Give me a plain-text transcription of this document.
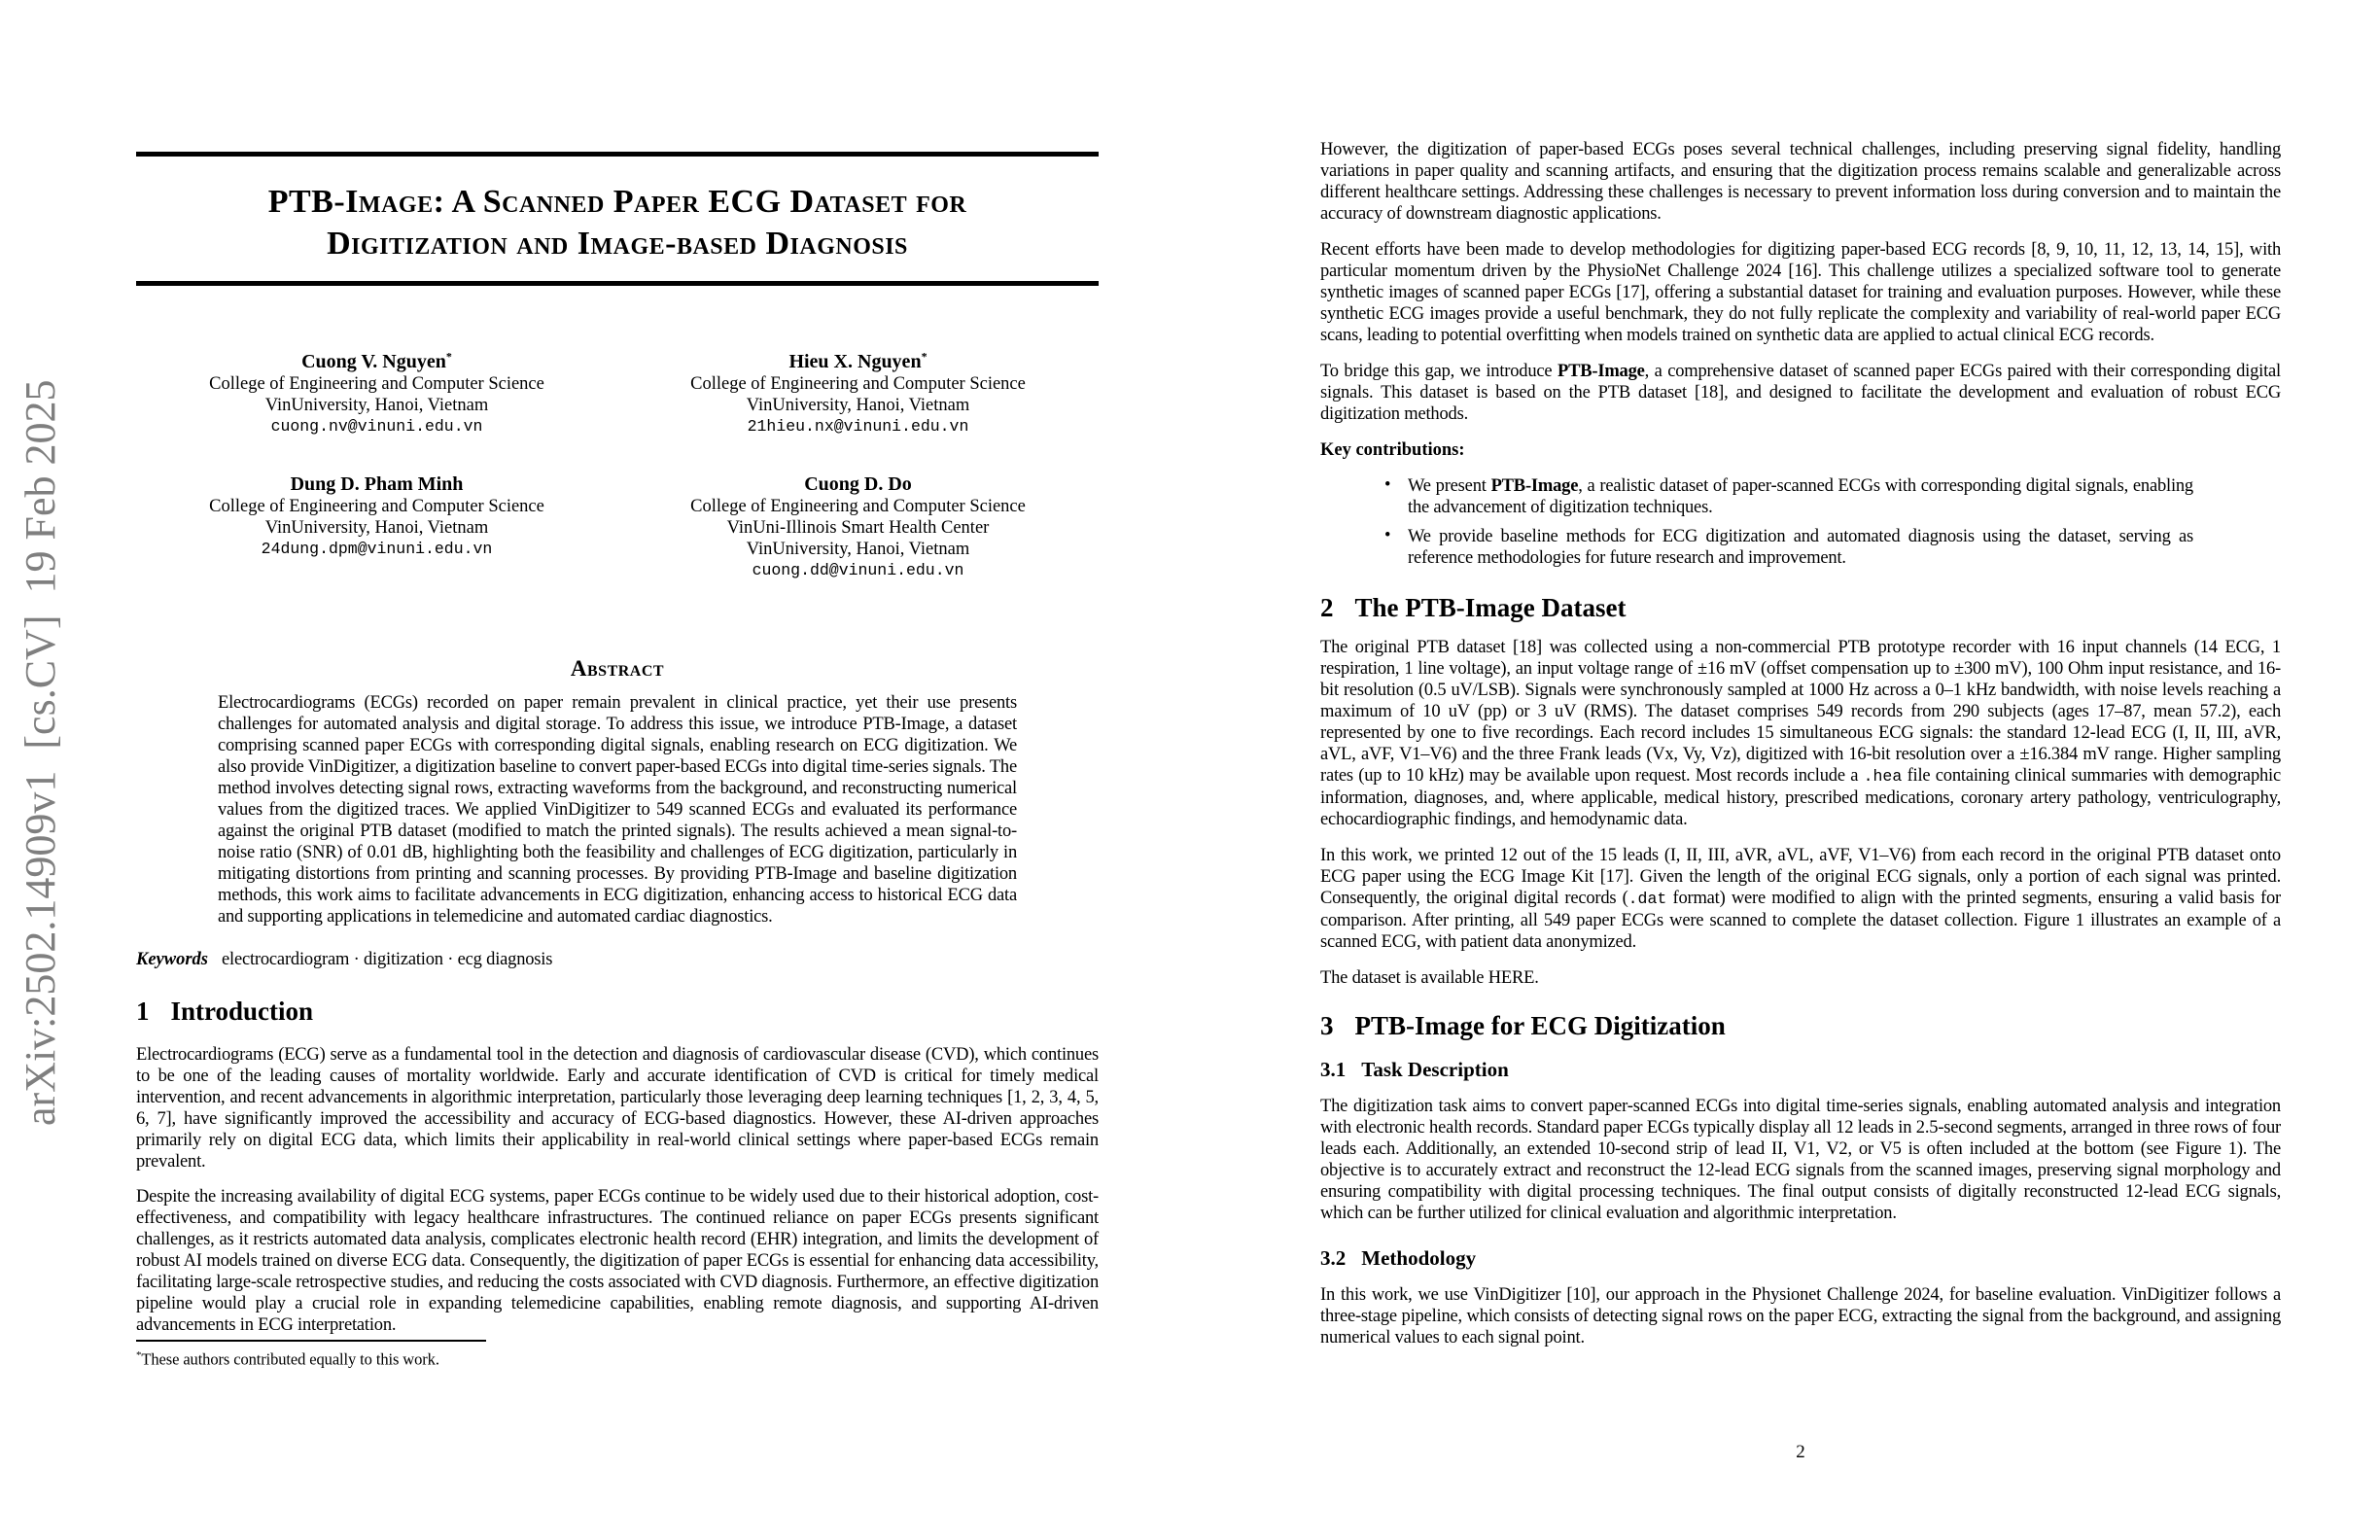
arXiv:2502.14909v1  [cs.CV]  19 Feb 2025
PTB-Image: A Scanned Paper ECG Dataset for
Digitization and Image-based Diagnosis
Cuong V. Nguyen*
College of Engineering and Computer Science
VinUniversity, Hanoi, Vietnam
cuong.nv@vinuni.edu.vn
Hieu X. Nguyen*
College of Engineering and Computer Science
VinUniversity, Hanoi, Vietnam
21hieu.nx@vinuni.edu.vn
Dung D. Pham Minh
College of Engineering and Computer Science
VinUniversity, Hanoi, Vietnam
24dung.dpm@vinuni.edu.vn
Cuong D. Do
College of Engineering and Computer Science
VinUni-Illinois Smart Health Center
VinUniversity, Hanoi, Vietnam
cuong.dd@vinuni.edu.vn
Abstract
Electrocardiograms (ECGs) recorded on paper remain prevalent in clinical practice, yet their use presents challenges for automated analysis and digital storage. To address this issue, we introduce PTB-Image, a dataset comprising scanned paper ECGs with corresponding digital signals, enabling research on ECG digitization. We also provide VinDigitizer, a digitization baseline to convert paper-based ECGs into digital time-series signals. The method involves detecting signal rows, extracting waveforms from the background, and reconstructing numerical values from the digitized traces. We applied VinDigitizer to 549 scanned ECGs and evaluated its performance against the original PTB dataset (modified to match the printed signals). The results achieved a mean signal-to-noise ratio (SNR) of 0.01 dB, highlighting both the feasibility and challenges of ECG digitization, particularly in mitigating distortions from printing and scanning processes. By providing PTB-Image and baseline digitization methods, this work aims to facilitate advancements in ECG digitization, enhancing access to historical ECG data and supporting applications in telemedicine and automated cardiac diagnostics.
Keywords electrocardiogram · digitization · ecg diagnosis
1 Introduction

Electrocardiograms (ECG) serve as a fundamental tool in the detection and diagnosis of cardiovascular disease (CVD), which continues to be one of the leading causes of mortality worldwide. Early and accurate identification of CVD is critical for timely medical intervention, and recent advancements in algorithmic interpretation, particularly those leveraging deep learning techniques [1, 2, 3, 4, 5, 6, 7], have significantly improved the accessibility and accuracy of ECG-based diagnostics. However, these AI-driven approaches primarily rely on digital ECG data, which limits their applicability in real-world clinical settings where paper-based ECGs remain prevalent.

Despite the increasing availability of digital ECG systems, paper ECGs continue to be widely used due to their historical adoption, cost-effectiveness, and compatibility with legacy healthcare infrastructures. The continued reliance on paper ECGs presents significant challenges, as it restricts automated data analysis, complicates electronic health record (EHR) integration, and limits the development of robust AI models trained on diverse ECG data. Consequently, the digitization of paper ECGs is essential for enhancing data accessibility, facilitating large-scale retrospective studies, and reducing the costs associated with CVD diagnosis. Furthermore, an effective digitization pipeline would play a crucial role in expanding telemedicine capabilities, enabling remote diagnosis, and supporting AI-driven advancements in ECG interpretation.

*These authors contributed equally to this work.

However, the digitization of paper-based ECGs poses several technical challenges, including preserving signal fidelity, handling variations in paper quality and scanning artifacts, and ensuring that the digitization process remains scalable and generalizable across different healthcare settings. Addressing these challenges is necessary to prevent information loss during conversion and to maintain the accuracy of downstream diagnostic applications.

Recent efforts have been made to develop methodologies for digitizing paper-based ECG records [8, 9, 10, 11, 12, 13, 14, 15], with particular momentum driven by the PhysioNet Challenge 2024 [16]. This challenge utilizes a specialized software tool to generate synthetic images of scanned paper ECGs [17], offering a substantial dataset for training and evaluation purposes. However, while these synthetic ECG images provide a useful benchmark, they do not fully replicate the complexity and variability of real-world paper ECG scans, leading to potential overfitting when models trained on synthetic data are applied to actual clinical ECG records.

To bridge this gap, we introduce PTB-Image, a comprehensive dataset of scanned paper ECGs paired with their corresponding digital signals. This dataset is based on the PTB dataset [18], and designed to facilitate the development and evaluation of robust ECG digitization methods.

Key contributions:
• We present PTB-Image, a realistic dataset of paper-scanned ECGs with corresponding digital signals, enabling the advancement of digitization techniques.
• We provide baseline methods for ECG digitization and automated diagnosis using the dataset, serving as reference methodologies for future research and improvement.
2 The PTB-Image Dataset

The original PTB dataset [18] was collected using a non-commercial PTB prototype recorder with 16 input channels (14 ECG, 1 respiration, 1 line voltage), an input voltage range of ±16 mV (offset compensation up to ±300 mV), 100 Ohm input resistance, and 16-bit resolution (0.5 uV/LSB). Signals were synchronously sampled at 1000 Hz across a 0–1 kHz bandwidth, with noise levels reaching a maximum of 10 uV (pp) or 3 uV (RMS). The dataset comprises 549 records from 290 subjects (ages 17–87, mean 57.2), each represented by one to five recordings. Each record includes 15 simultaneous ECG signals: the standard 12-lead ECG (I, II, III, aVR, aVL, aVF, V1–V6) and the three Frank leads (Vx, Vy, Vz), digitized with 16-bit resolution over a ±16.384 mV range. Higher sampling rates (up to 10 kHz) may be available upon request. Most records include a .hea file containing clinical summaries with demographic information, diagnoses, and, where applicable, medical history, prescribed medications, coronary artery pathology, ventriculography, echocardiographic findings, and hemodynamic data.

In this work, we printed 12 out of the 15 leads (I, II, III, aVR, aVL, aVF, V1–V6) from each record in the original PTB dataset onto ECG paper using the ECG Image Kit [17]. Given the length of the original ECG signals, only a portion of each signal was printed. Consequently, the original digital records (.dat format) were modified to align with the printed segments, ensuring a valid basis for comparison. After printing, all 549 paper ECGs were scanned to complete the dataset collection. Figure 1 illustrates an example of a scanned ECG, with patient data anonymized.

The dataset is available HERE.

3 PTB-Image for ECG Digitization
3.1 Task Description

The digitization task aims to convert paper-scanned ECGs into digital time-series signals, enabling automated analysis and integration with electronic health records. Standard paper ECGs typically display all 12 leads in 2.5-second segments, arranged in three rows of four leads each. Additionally, an extended 10-second strip of lead II, V1, V2, or V5 is often included at the bottom (see Figure 1). The objective is to accurately extract and reconstruct the 12-lead ECG signals from the scanned images, preserving signal morphology and ensuring compatibility with digital processing techniques. The final output consists of digitally reconstructed 12-lead ECG signals, which can be further utilized for clinical evaluation and algorithmic interpretation.

3.2 Methodology

In this work, we use VinDigitizer [10], our approach in the Physionet Challenge 2024, for baseline evaluation. VinDigitizer follows a three-stage pipeline, which consists of detecting signal rows on the paper ECG, extracting the signal from the background, and assigning numerical values to each signal point.

2
